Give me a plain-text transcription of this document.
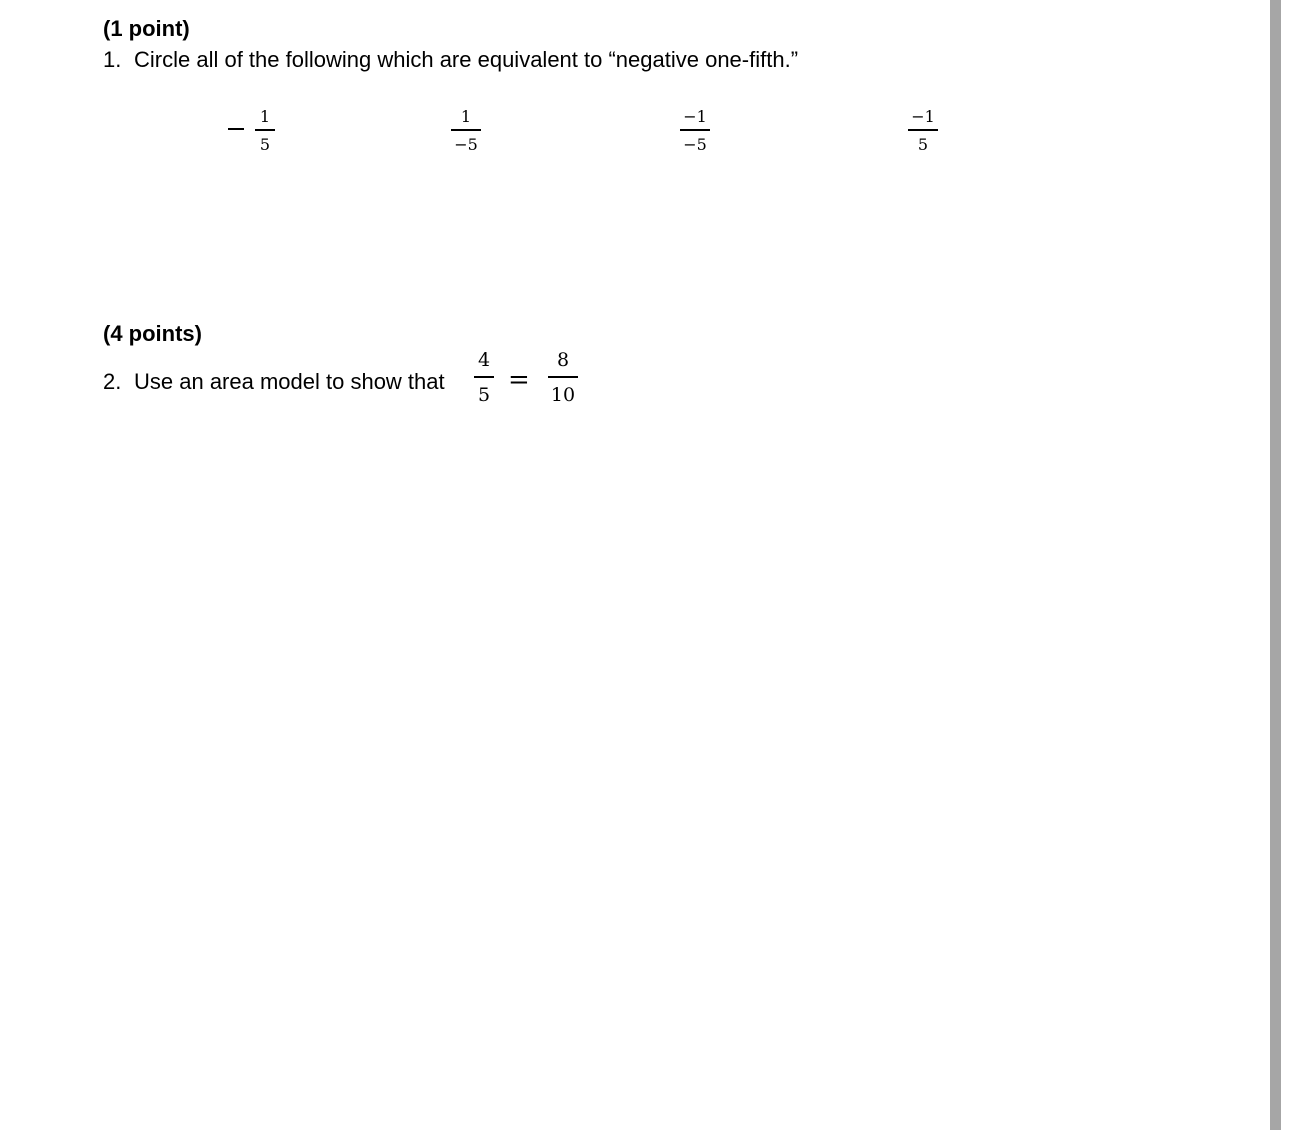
(1 point)
1. Circle all of the following which are equivalent to “negative one-fifth.”
1
5
1
−5
−1
−5
−1
5
(4 points)
2. Use an area model to show that
4
5 =
8
10
